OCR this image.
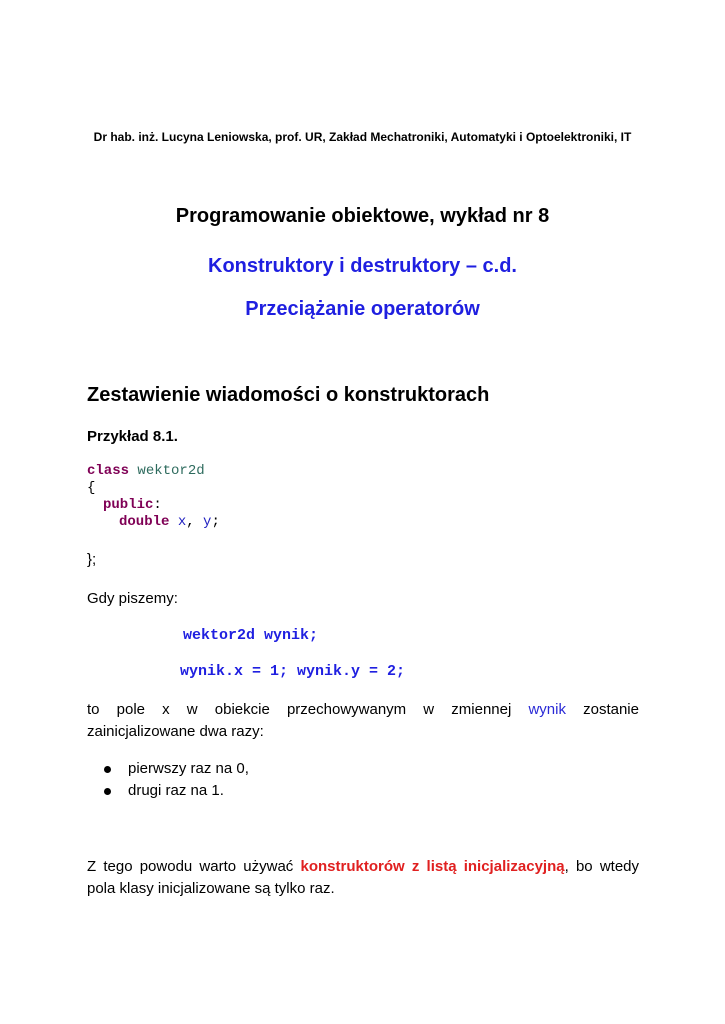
Dr hab. inż. Lucyna Leniowska, prof. UR, Zakład Mechatroniki, Automatyki i Optoelektroniki, IT

Programowanie obiektowe, wykład nr 8
Konstruktory i destruktory – c.d.
Przeciążanie operatorów
Zestawienie wiadomości o konstruktorach

Przykład 8.1.

class wektor2d
{
public:
double x, y;
};

Gdy piszemy:

wektor2d wynik;
wynik.x = 1; wynik.y = 2;
to pole x w obiekcie przechowywanym w zmiennej wynik zostanie
zainicjalizowane dwa razy:
pierwszy raz na 0,
drugi raz na 1.
Z tego powodu warto używać konstruktorów z listą inicjalizacyjną, bo wtedy
pola klasy inicjalizowane są tylko raz.
